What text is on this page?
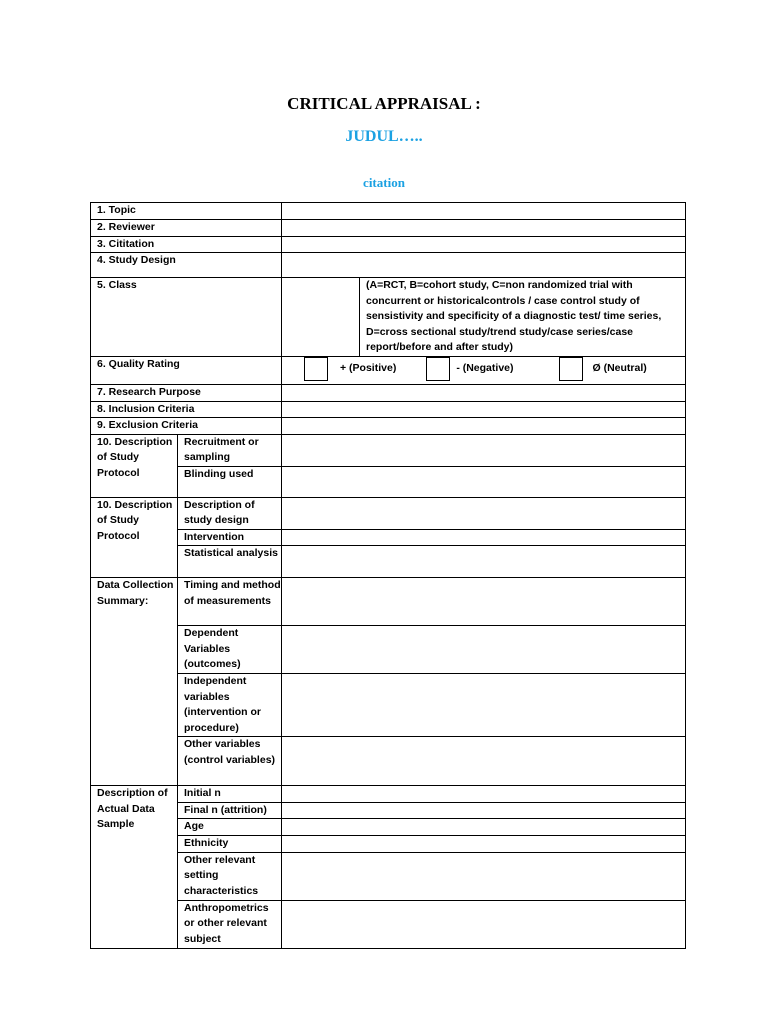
CRITICAL APPRAISAL :
JUDUL…..
citation
1. Topic			
2. Reviewer			
3. Cititation			
4. Study Design			
5. Class			(A=RCT, B=cohort study, C=non randomized trial with concurrent or historicalcontrols / case control study of sensistivity and specificity of a diagnostic test/ time series, D=cross sectional study/trend study/case series/case report/before and after study)
6. Quality Rating		+ (Positive) - (Negative) Ø (Neutral)	

7. Research Purpose			
8. Inclusion Criteria			
9. Exclusion Criteria			
10. Description of Study Protocol	Recruitment or sampling		
	Blinding used		
10. Description of Study Protocol	Description of study design		
	Intervention		
	Statistical analysis		
Data Collection Summary:	Timing and method of measurements		
	Dependent Variables (outcomes)		
	Independent variables (intervention or procedure)		
	Other variables (control variables)		
Description of Actual Data Sample	Initial n		
	Final n (attrition)		
	Age		
	Ethnicity		
	Other relevant setting characteristics		
	Anthropometrics or other relevant subject		
